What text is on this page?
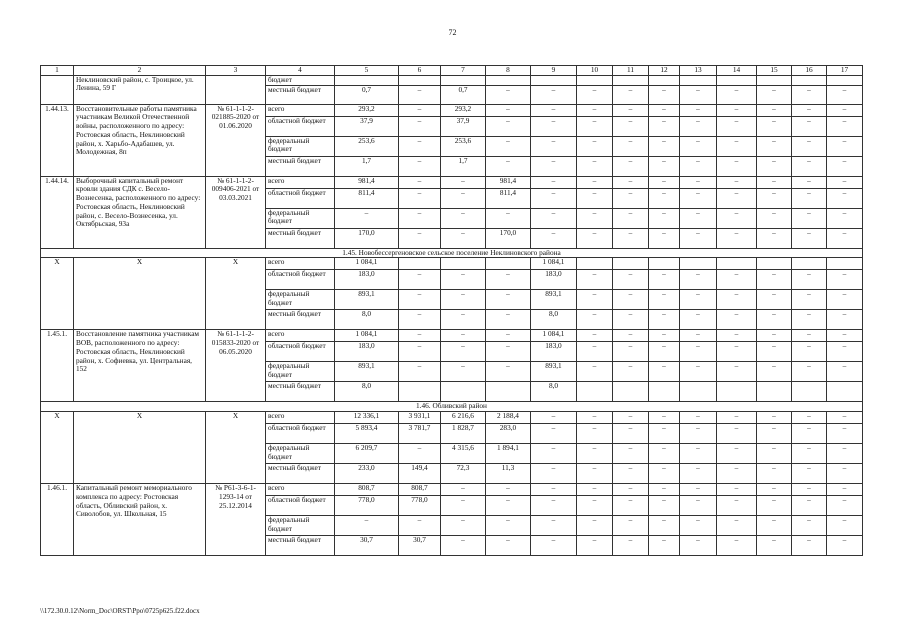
72
1	2	3	4	5	6	7	8	9	10	11	12	13	14	15	16	17
	Неклиновский район, с. Троицкое, ул. Ленина, 59 Г		бюджет													
			местный бюджет	0,7	–	0,7	–	–	–	–	–	–	–	–	–	–
1.44.13.	Восстановительные работы памятника участникам Великой Отечественной войны, расположенного по адресу: Ростовская область, Неклиновский район, х. Харьбо-Адабашев, ул. Молодежная, 8п	№ 61-1-1-2-021885-2020 от 01.06.2020	всего	293,2	–	293,2	–	–	–	–	–	–	–	–	–	–
			областной бюджет	37,9	–	37,9	–	–	–	–	–	–	–	–	–	–
			федеральный бюджет	253,6	–	253,6	–	–	–	–	–	–	–	–	–	–
			местный бюджет	1,7	–	1,7	–	–	–	–	–	–	–	–	–	–
1.44.14.	Выборочный капитальный ремонт кровли здания СДК с. Весело-Вознесенка, расположенного по адресу: Ростовская область, Неклиновский район, с. Весело-Вознесенка, ул. Октябрьская, 93а	№ 61-1-1-2-009406-2021 от 03.03.2021	всего	981,4	–	–	981,4	–	–	–	–	–	–	–	–	–
			областной бюджет	811,4	–	–	811,4	–	–	–	–	–	–	–	–	–
			федеральный бюджет	–	–	–	–	–	–	–	–	–	–	–	–	–
			местный бюджет	170,0	–	–	170,0	–	–	–	–	–	–	–	–	–
1.45. Новобессергеновское сельское поселение Неклиновского района																
Х	Х	Х	всего	1 084,1				1 084,1								
			областной бюджет	183,0	–	–	–	183,0	–	–	–	–	–	–	–	–
			федеральный бюджет	893,1	–	–	–	893,1	–	–	–	–	–	–	–	–
			местный бюджет	8,0	–	–	–	8,0	–	–	–	–	–	–	–	–
1.45.1.	Восстановление памятника участникам ВОВ, расположенного по адресу: Ростовская область, Неклиновский район, х. Софиевка, ул. Центральная, 152	№ 61-1-1-2-015833-2020 от 06.05.2020	всего	1 084,1	–	–	–	1 084,1	–	–	–	–	–	–	–	–
			областной бюджет	183,0	–	–	–	183,0	–	–	–	–	–	–	–	–
			федеральный бюджет	893,1	–	–	–	893,1	–	–	–	–	–	–	–	–
			местный бюджет	8,0				8,0								
1.46. Обливский район																
Х	Х	Х	всего	12 336,1	3 931,1	6 216,6	2 188,4	–	–	–	–	–	–	–	–	–
			областной бюджет	5 893,4	3 781,7	1 828,7	283,0	–	–	–	–	–	–	–	–	–
			федеральный бюджет	6 209,7	–	4 315,6	1 894,1	–	–	–	–	–	–	–	–	–
			местный бюджет	233,0	149,4	72,3	11,3	–	–	–	–	–	–	–	–	–
1.46.1.	Капитальный ремонт мемориального комплекса по адресу: Ростовская область, Обливский район, х. Сиволобов, ул. Школьная, 15	№ Р61-3-6-1-1293-14 от 25.12.2014	всего	808,7	808,7	–	–	–	–	–	–	–	–	–	–	–
			областной бюджет	778,0	778,0	–	–	–	–	–	–	–	–	–	–	–
			федеральный бюджет	–	–	–	–	–	–	–	–	–	–	–	–	–
			местный бюджет	30,7	30,7	–	–	–	–	–	–	–	–	–	–	–
\\172.30.0.12\Norm_Doc\ORST\Ppo\0725p625.f22.docx
